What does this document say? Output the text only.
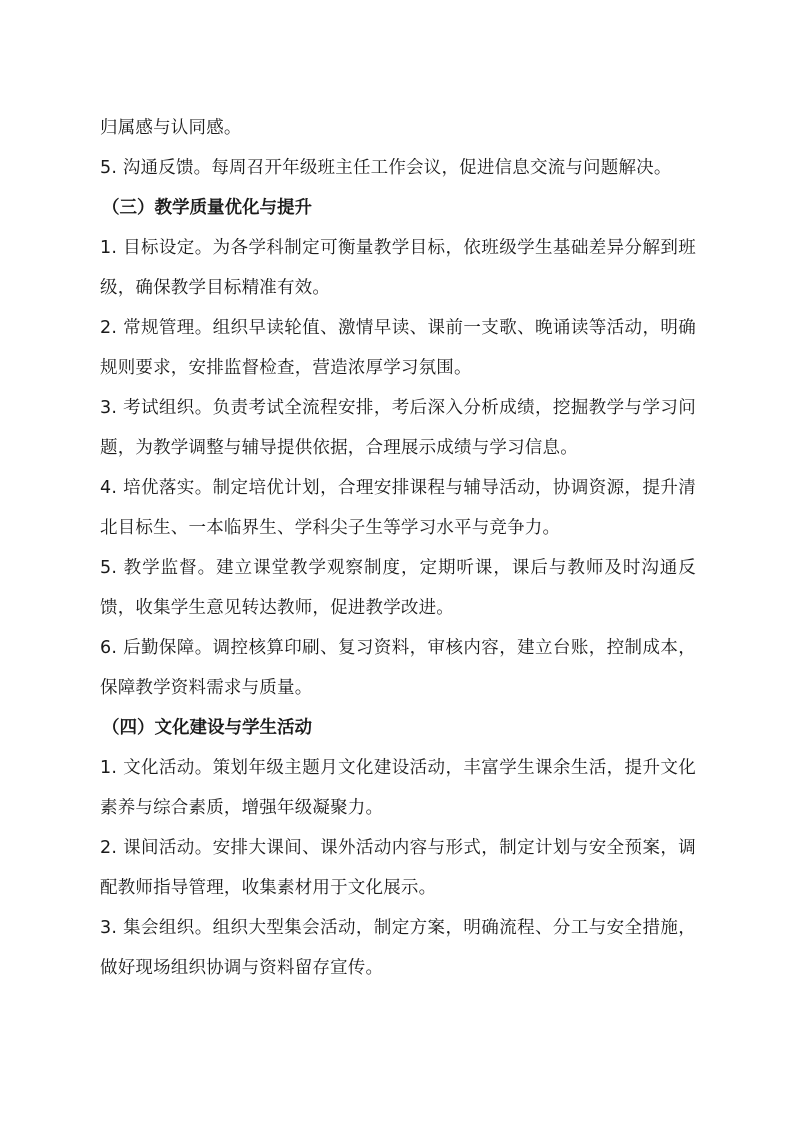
归属感与认同感。

5. 沟通反馈。每周召开年级班主任工作会议，促进信息交流与问题解决。

（三）教学质量优化与提升

1. 目标设定。为各学科制定可衡量教学目标，依班级学生基础差异分解到班级，确保教学目标精准有效。

2. 常规管理。组织早读轮值、激情早读、课前一支歌、晚诵读等活动，明确规则要求，安排监督检查，营造浓厚学习氛围。

3. 考试组织。负责考试全流程安排，考后深入分析成绩，挖掘教学与学习问题，为教学调整与辅导提供依据，合理展示成绩与学习信息。

4. 培优落实。制定培优计划，合理安排课程与辅导活动，协调资源，提升清北目标生、一本临界生、学科尖子生等学习水平与竞争力。

5. 教学监督。建立课堂教学观察制度，定期听课，课后与教师及时沟通反馈，收集学生意见转达教师，促进教学改进。

6. 后勤保障。调控核算印刷、复习资料，审核内容，建立台账，控制成本，保障教学资料需求与质量。

（四）文化建设与学生活动

1. 文化活动。策划年级主题月文化建设活动，丰富学生课余生活，提升文化素养与综合素质，增强年级凝聚力。

2. 课间活动。安排大课间、课外活动内容与形式，制定计划与安全预案，调配教师指导管理，收集素材用于文化展示。

3. 集会组织。组织大型集会活动，制定方案，明确流程、分工与安全措施，做好现场组织协调与资料留存宣传。
